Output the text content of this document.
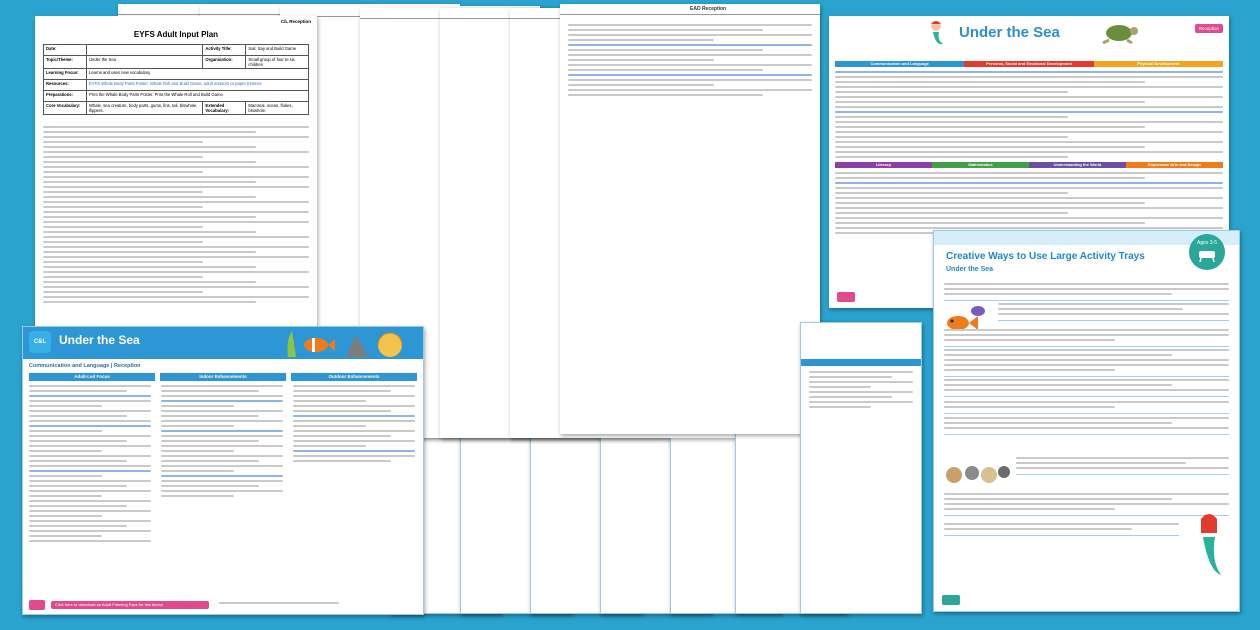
EAD Reception
C/L Reception
EYFS Adult Input Plan
Date:		Activity Title:	Sail, Say and Build Game
Topic/Theme:	Under the Sea	Organisation:	Small group of four to six children
Learning Focus:	Learns and uses new vocabulary.		
Resources:	EYFS Whole Body Parts Poster, Whale Roll and Build Game, adult scissors or paper trimmer.		
Preparations:	Print the Whale Body Parts Poster. Print the Whale Roll and Build Game.		
Core Vocabulary:	Whale, sea creature, body parts, gums, fins, tail, blowhole, flippers.	Extended Vocabulary:	Mammal, ocean, flukes, blowhole.
Under the Sea	Reception
Communication and Language	Personal, Social and Emotional Development	Physical Development
Literacy	Mathematics	Understanding the World	Expressive Arts and Design
Creative Ways to Use Large Activity Trays
Under the Sea
Ages 3-5
C&L	Under the Sea
Communication and Language | Reception
Adult-Led Focus	Indoor Enhancements	Outdoor Enhancements
Click here to download an Adult Planning Pack for this theme
